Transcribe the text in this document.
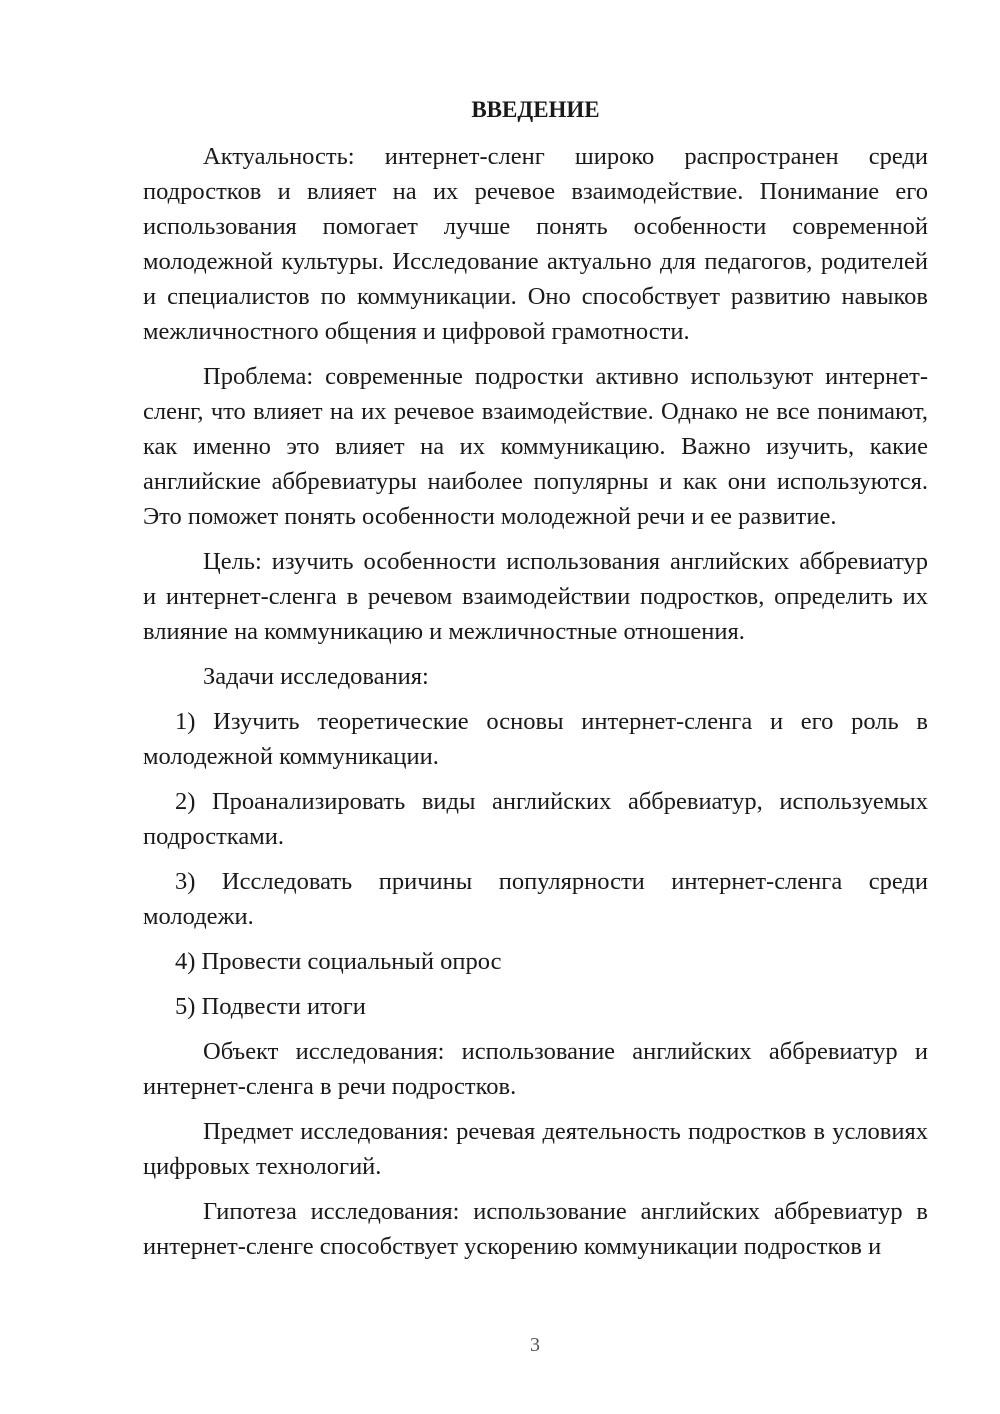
ВВЕДЕНИЕ

Актуальность: интернет-сленг широко распространен среди подростков и влияет на их речевое взаимодействие. Понимание его использования помогает лучше понять особенности современной молодежной культуры. Исследование актуально для педагогов, родителей и специалистов по коммуникации. Оно способствует развитию навыков межличностного общения и цифровой грамотности.

Проблема: современные подростки активно используют интернет-сленг, что влияет на их речевое взаимодействие. Однако не все понимают, как именно это влияет на их коммуникацию. Важно изучить, какие английские аббревиатуры наиболее популярны и как они используются. Это поможет понять особенности молодежной речи и ее развитие.

Цель: изучить особенности использования английских аббревиатур и интернет-сленга в речевом взаимодействии подростков, определить их влияние на коммуникацию и межличностные отношения.

Задачи исследования:

1) Изучить теоретические основы интернет-сленга и его роль в молодежной коммуникации.

2) Проанализировать виды английских аббревиатур, используемых подростками.

3) Исследовать причины популярности интернет-сленга среди молодежи.

4) Провести социальный опрос

5) Подвести итоги

Объект исследования: использование английских аббревиатур и интернет-сленга в речи подростков.

Предмет исследования: речевая деятельность подростков в условиях цифровых технологий.

Гипотеза исследования: использование английских аббревиатур в интернет-сленге способствует ускорению коммуникации подростков и

3
